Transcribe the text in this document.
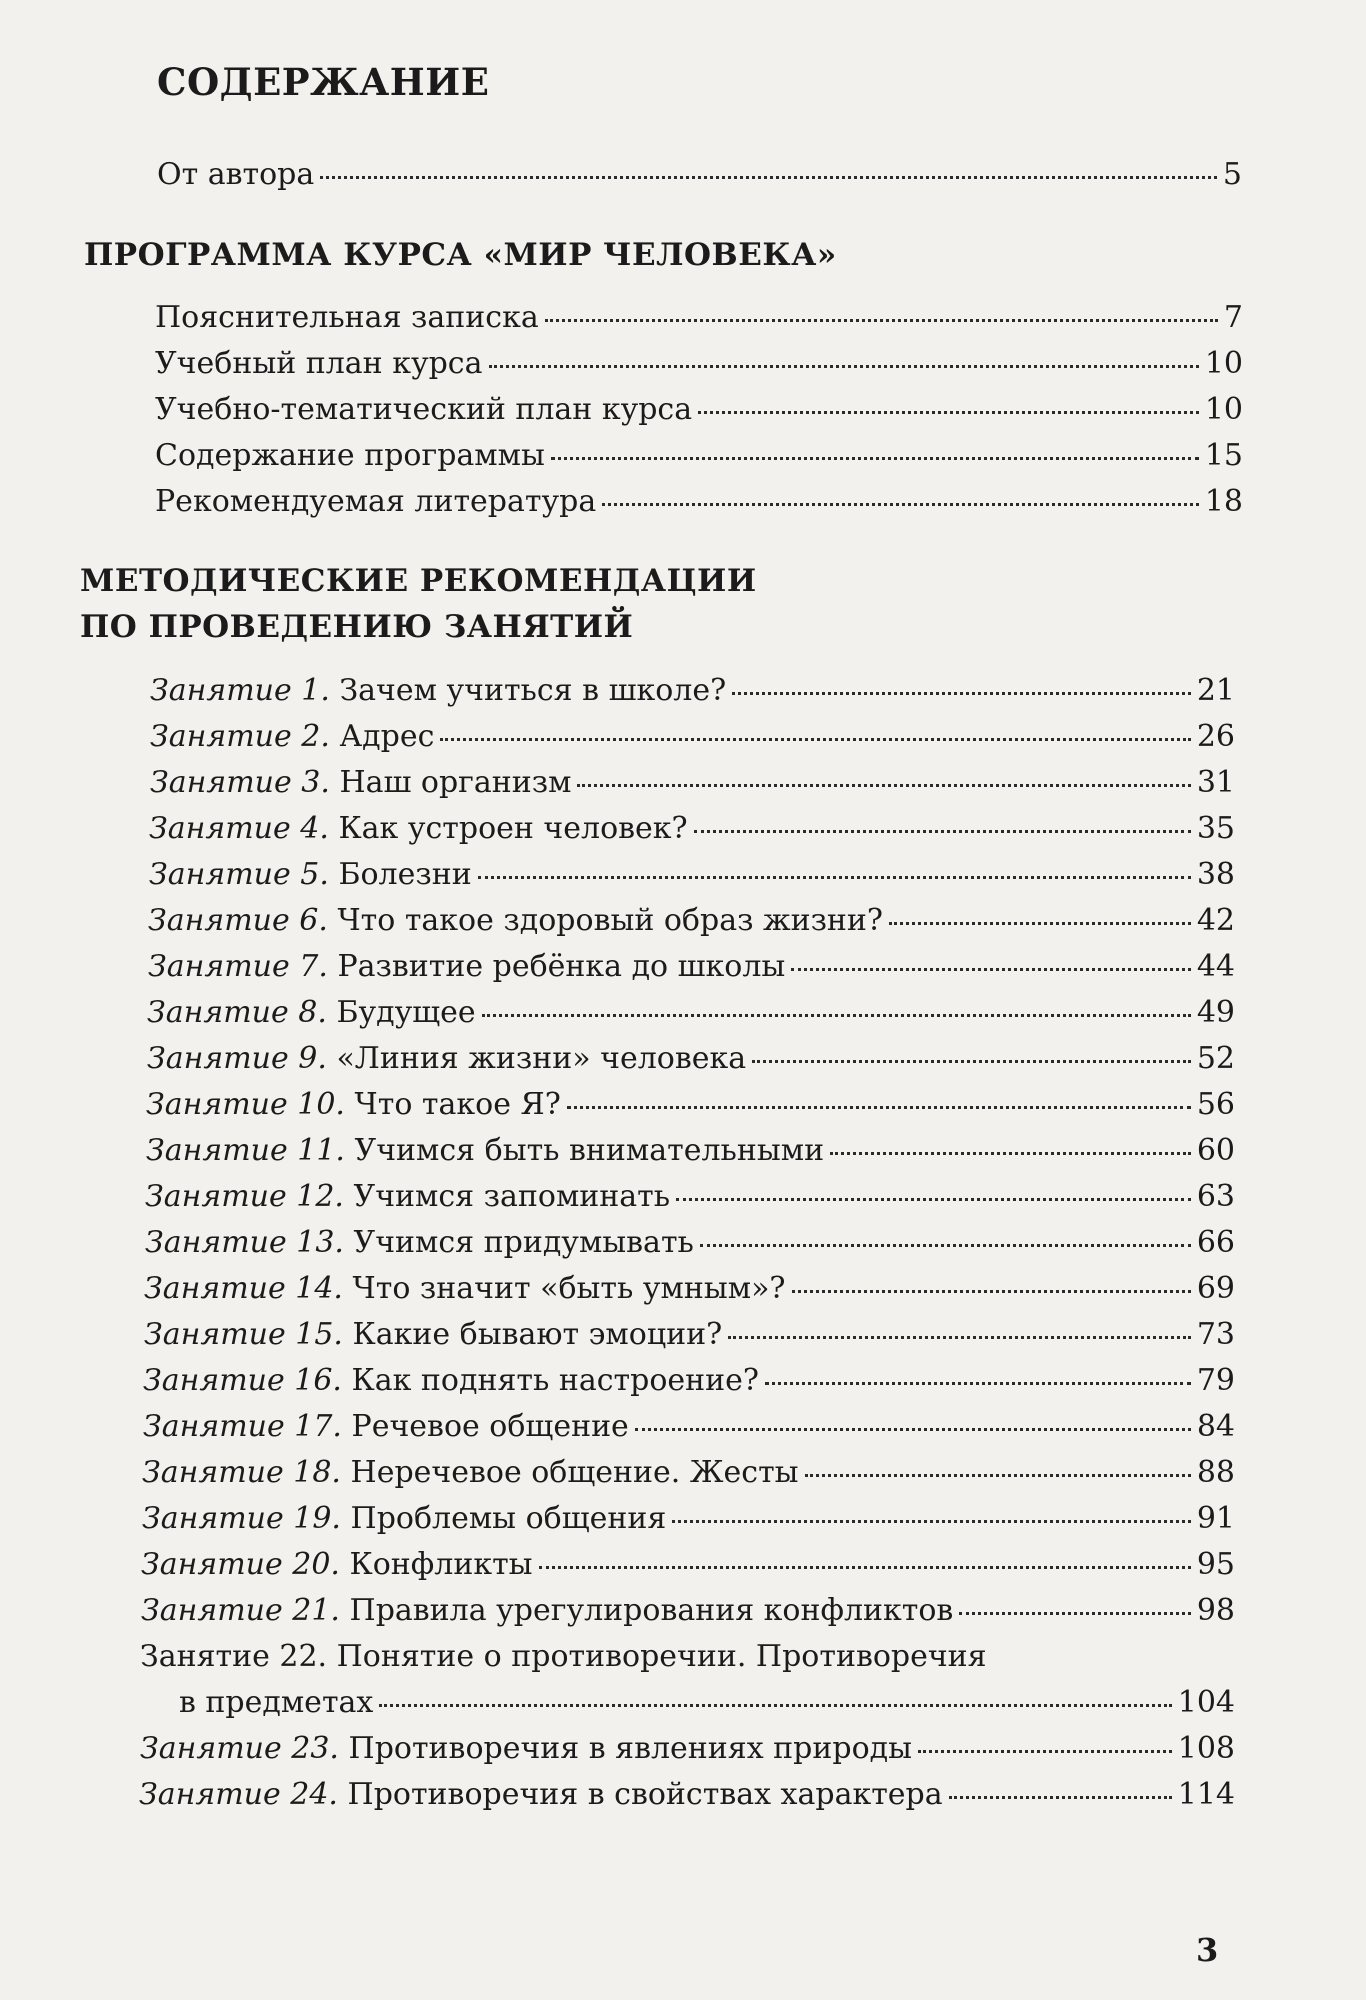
СОДЕРЖАНИЕ
От автора	5
ПРОГРАММА КУРСА «МИР ЧЕЛОВЕКА»
Пояснительная записка	7
Учебный план курса	10
Учебно-тематический план курса	10
Содержание программы	15
Рекомендуемая литература	18
МЕТОДИЧЕСКИЕ РЕКОМЕНДАЦИИ
ПО ПРОВЕДЕНИЮ ЗАНЯТИЙ
Занятие 1. Зачем учиться в школе?	21
Занятие 2. Адрес	26
Занятие 3. Наш организм	31
Занятие 4. Как устроен человек?	35
Занятие 5. Болезни	38
Занятие 6. Что такое здоровый образ жизни?	42
Занятие 7. Развитие ребёнка до школы	44
Занятие 8. Будущее	49
Занятие 9. «Линия жизни» человека	52
Занятие 10. Что такое Я?	56
Занятие 11. Учимся быть внимательными	60
Занятие 12. Учимся запоминать	63
Занятие 13. Учимся придумывать	66
Занятие 14. Что значит «быть умным»?	69
Занятие 15. Какие бывают эмоции?	73
Занятие 16. Как поднять настроение?	79
Занятие 17. Речевое общение	84
Занятие 18. Неречевое общение. Жесты	88
Занятие 19. Проблемы общения	91
Занятие 20. Конфликты	95
Занятие 21. Правила урегулирования конфликтов	98
Занятие 22. Понятие о противоречии. Противоречия
в предметах	104
Занятие 23. Противоречия в явлениях природы	108
Занятие 24. Противоречия в свойствах характера	114
3
